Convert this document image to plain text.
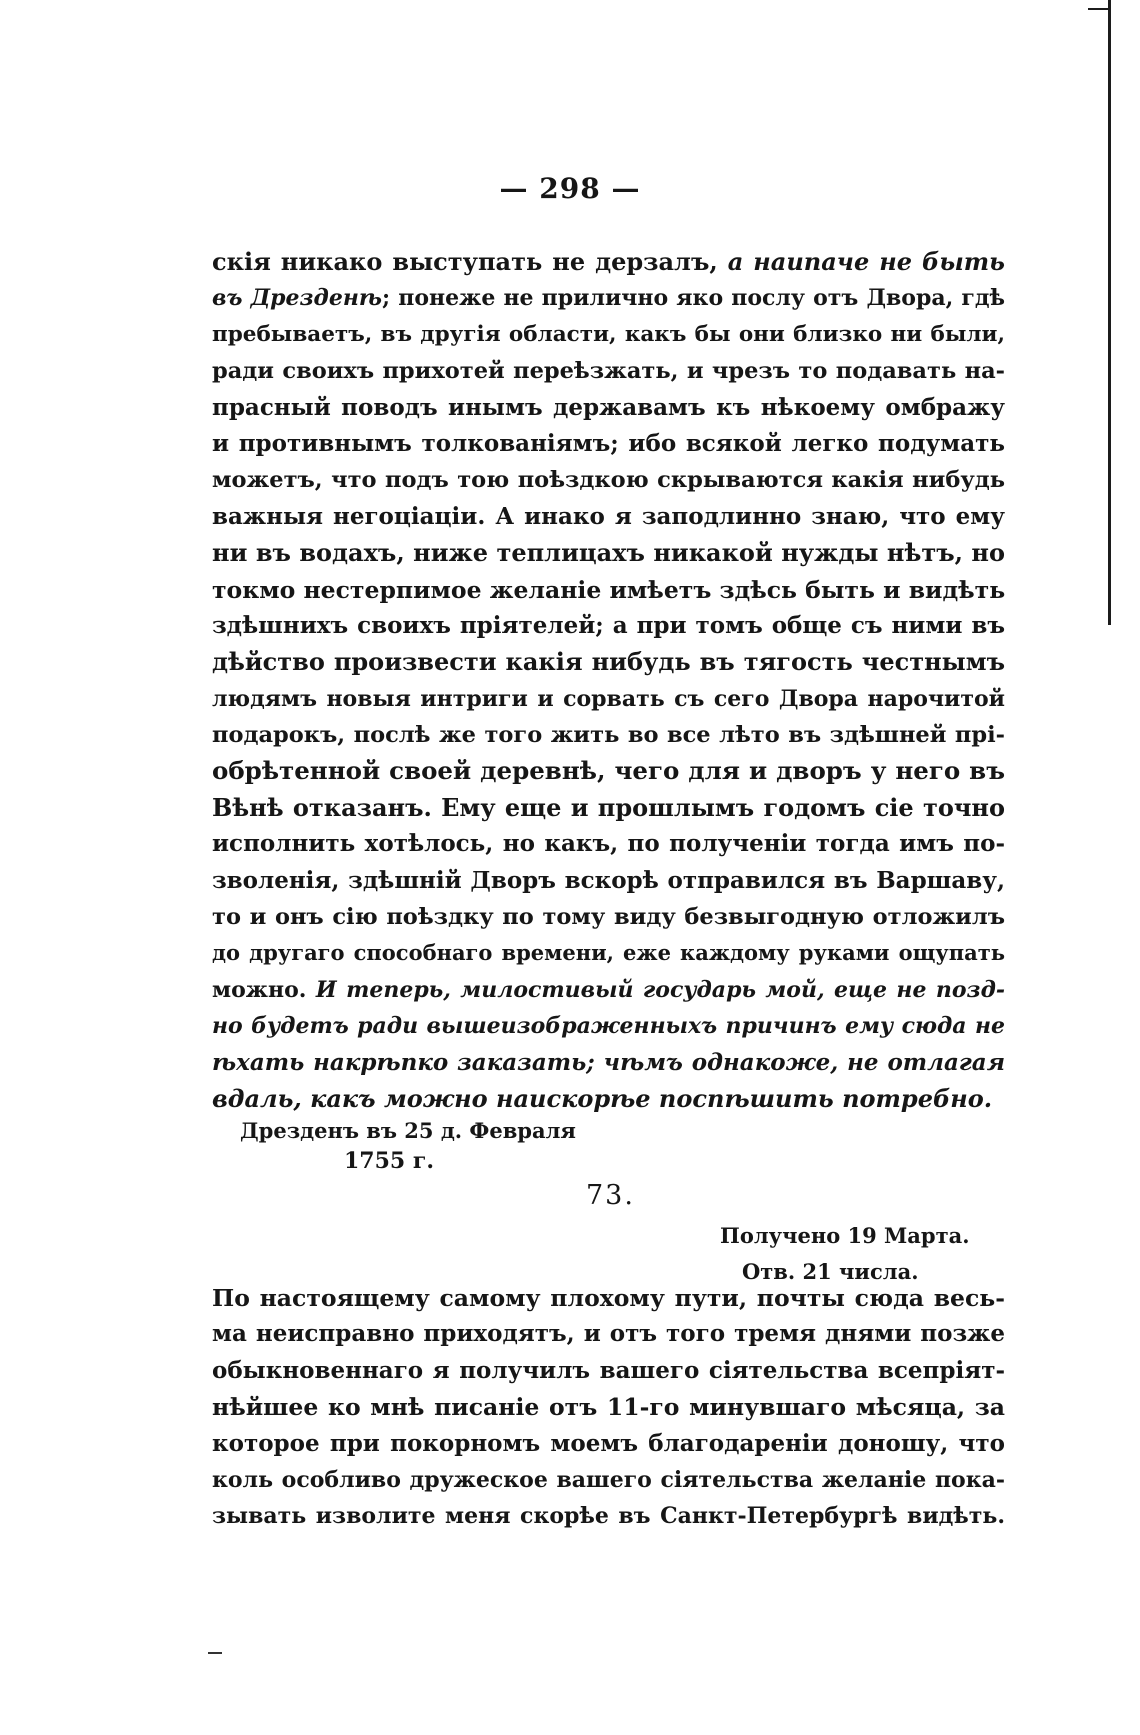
— 298 —
скія никако выступать не дерзалъ, а наипаче не быть
въ Дрезденѣ; понеже не прилично яко послу отъ Двора, гдѣ
пребываетъ, въ другія области, какъ бы они близко ни были,
ради своихъ прихотей переѣзжать, и чрезъ то подавать на-
прасный поводъ инымъ державамъ къ нѣкоему омбражу
и противнымъ толкованіямъ; ибо всякой легко подумать
можетъ, что подъ тою поѣздкою скрываются какія нибудь
важныя негоціаціи. А инако я заподлинно знаю, что ему
ни въ водахъ, ниже теплицахъ никакой нужды нѣтъ, но
токмо нестерпимое желаніе имѣетъ здѣсь быть и видѣть
здѣшнихъ своихъ пріятелей; а при томъ обще съ ними въ
дѣйство произвести какія нибудь въ тягость честнымъ
людямъ новыя интриги и сорвать съ сего Двора нарочитой
подарокъ, послѣ же того жить во все лѣто въ здѣшней прі-
обрѣтенной своей деревнѣ, чего для и дворъ у него въ
Вѣнѣ отказанъ. Ему еще и прошлымъ годомъ сіе точно
исполнить хотѣлось, но какъ, по полученіи тогда имъ по-
зволенія, здѣшній Дворъ вскорѣ отправился въ Варшаву,
то и онъ сію поѣздку по тому виду безвыгодную отложилъ
до другаго способнаго времени, еже каждому руками ощупать
можно. И теперь, милостивый государь мой, еще не позд-
но будетъ ради вышеизображенныхъ причинъ ему сюда не
ѣхать накрѣпко заказать; чѣмъ однакоже, не отлагая
вдаль, какъ можно наискорѣе поспѣшить потребно.
Дрезденъ въ 25 д. Февраля
1755 г.
73.
Получено 19 Марта.
Отв. 21 числа.
По настоящему самому плохому пути, почты сюда весь-
ма неисправно приходятъ, и отъ того тремя днями позже
обыкновеннаго я получилъ вашего сіятельства всепріят-
нѣйшее ко мнѣ писаніе отъ 11-го минувшаго мѣсяца, за
которое при покорномъ моемъ благодареніи доношу, что
коль особливо дружеское вашего сіятельства желаніе пока-
зывать изволите меня скорѣе въ Санкт-Петербургѣ видѣть.
